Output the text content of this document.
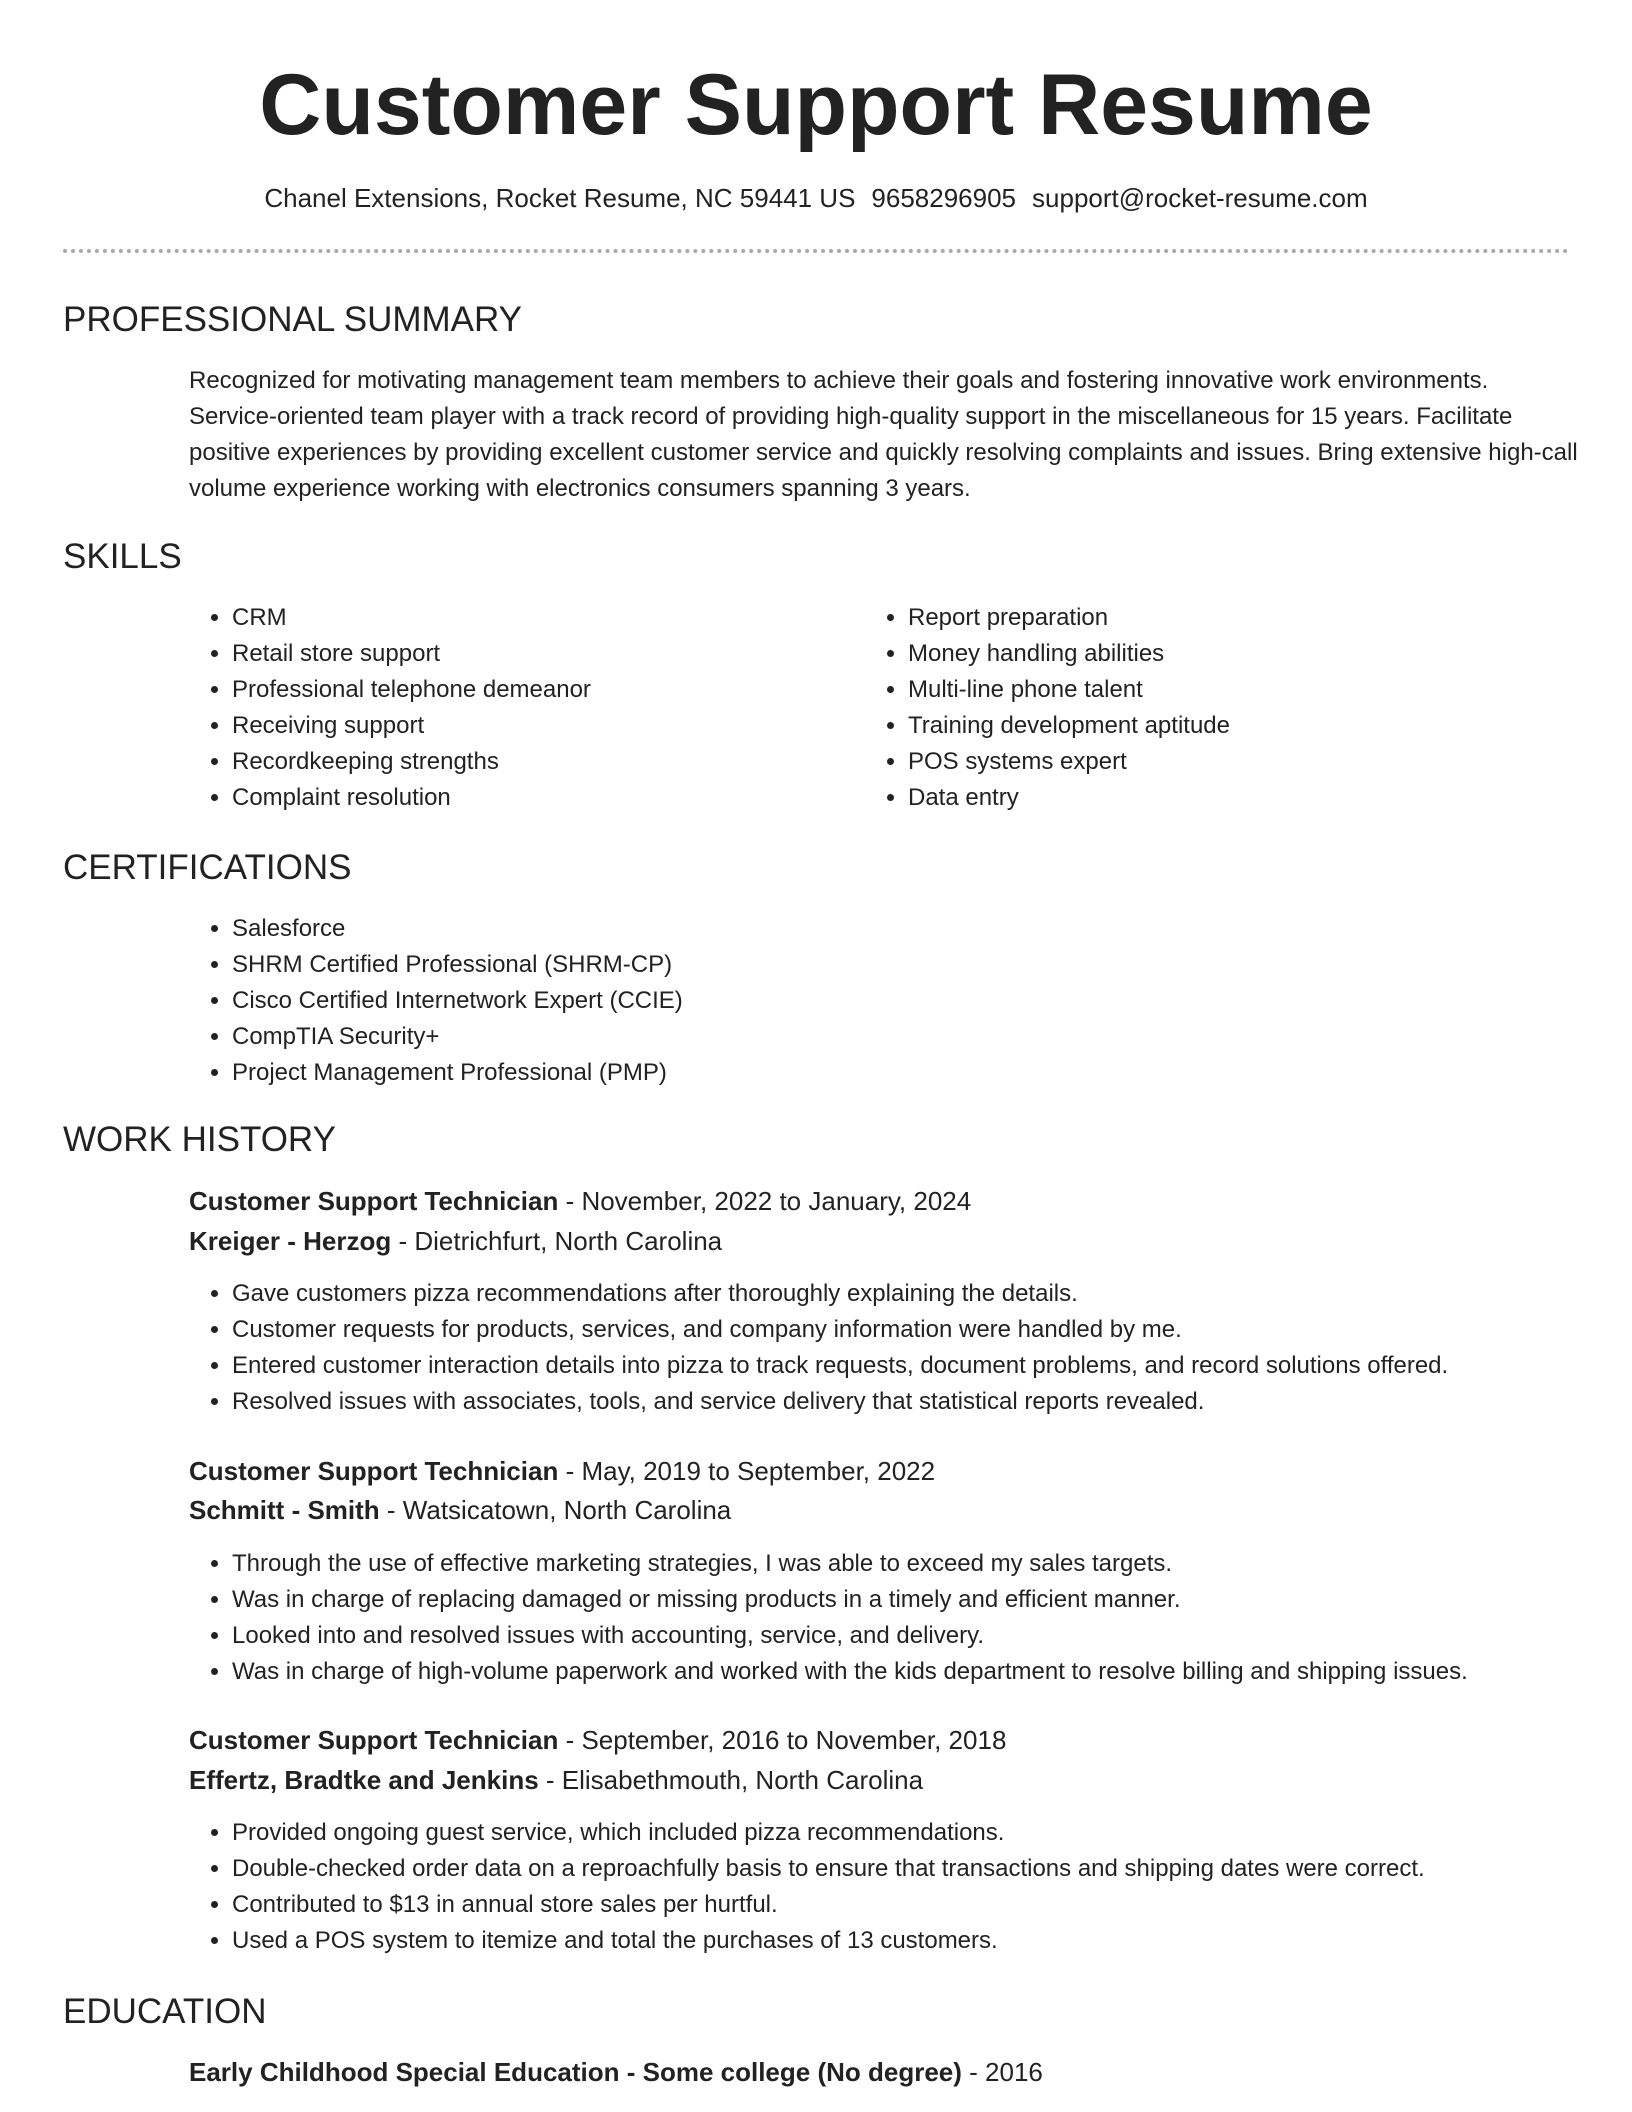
Customer Support Resume
Chanel Extensions, Rocket Resume, NC 59441 US 9658296905 support@rocket-resume.com
PROFESSIONAL SUMMARY

Recognized for motivating management team members to achieve their goals and fostering innovative work environments. Service-oriented team player with a track record of providing high-quality support in the miscellaneous for 15 years. Facilitate positive experiences by providing excellent customer service and quickly resolving complaints and issues. Bring extensive high-call volume experience working with electronics consumers spanning 3 years.

SKILLS
• CRM
• Retail store support
• Professional telephone demeanor
• Receiving support
• Recordkeeping strengths
• Complaint resolution
• Report preparation
• Money handling abilities
• Multi-line phone talent
• Training development aptitude
• POS systems expert
• Data entry
CERTIFICATIONS
• Salesforce
• SHRM Certified Professional (SHRM-CP)
• Cisco Certified Internetwork Expert (CCIE)
• CompTIA Security+
• Project Management Professional (PMP)
WORK HISTORY
Customer Support Technician - November, 2022 to January, 2024
Kreiger - Herzog - Dietrichfurt, North Carolina
• Gave customers pizza recommendations after thoroughly explaining the details.
• Customer requests for products, services, and company information were handled by me.
• Entered customer interaction details into pizza to track requests, document problems, and record solutions offered.
• Resolved issues with associates, tools, and service delivery that statistical reports revealed.
Customer Support Technician - May, 2019 to September, 2022
Schmitt - Smith - Watsicatown, North Carolina
• Through the use of effective marketing strategies, I was able to exceed my sales targets.
• Was in charge of replacing damaged or missing products in a timely and efficient manner.
• Looked into and resolved issues with accounting, service, and delivery.
• Was in charge of high-volume paperwork and worked with the kids department to resolve billing and shipping issues.
Customer Support Technician - September, 2016 to November, 2018
Effertz, Bradtke and Jenkins - Elisabethmouth, North Carolina
• Provided ongoing guest service, which included pizza recommendations.
• Double-checked order data on a reproachfully basis to ensure that transactions and shipping dates were correct.
• Contributed to $13 in annual store sales per hurtful.
• Used a POS system to itemize and total the purchases of 13 customers.
EDUCATION
Early Childhood Special Education - Some college (No degree) - 2016
